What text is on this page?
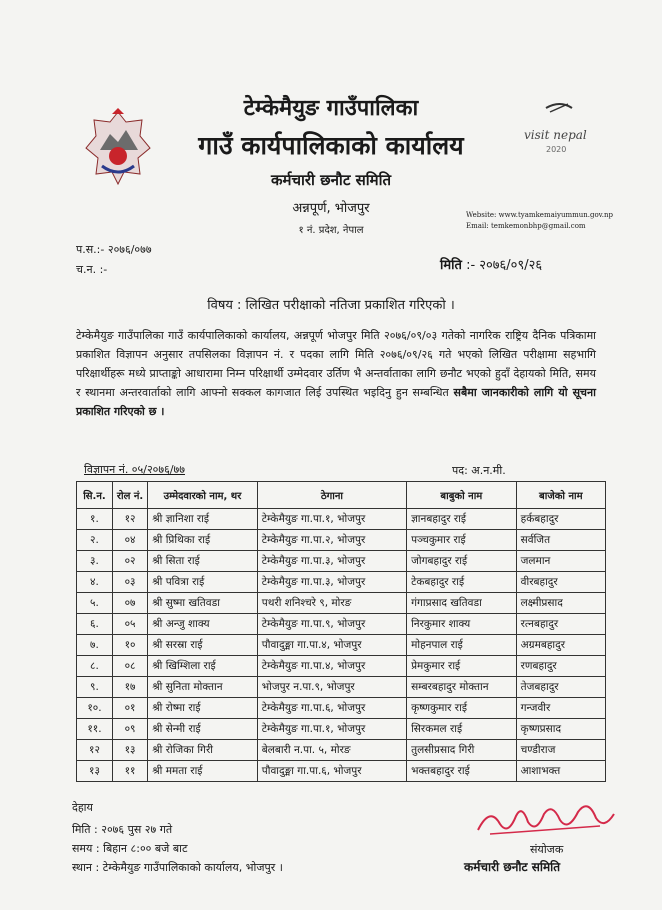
visit nepal
2020
टेम्केमैयुङ गाउँपालिका
गाउँ कार्यपालिकाको कार्यालय
कर्मचारी छनौट समिति
अन्नपूर्ण, भोजपुर
१ नं. प्रदेश, नेपाल
Website: www.tyamkemaiyummun.gov.np
Email: temkemonbhp@gmail.com
प.स.:- २०७६/०७७
च.न. :-	मिति :- २०७६/०९/२६
विषय : लिखित परीक्षाको नतिजा प्रकाशित गरिएको ।
टेम्केमैयुङ गाउँपालिका गाउँ कार्यपालिकाको कार्यालय, अन्नपूर्ण भोजपुर मिति २०७६/०९/०३ गतेको नागरिक राष्ट्रिय दैनिक पत्रिकामा प्रकाशित विज्ञापन अनुसार तपसिलका विज्ञापन नं. र पदका लागि मिति २०७६/०९/२६ गते भएको लिखित परीक्षामा सहभागि परिक्षार्थीहरू मध्ये प्राप्ताङ्को आधारामा निम्न परिक्षार्थी उम्मेदवार उर्तिण भै अन्तर्वाताका लागि छनौट भएको हुदाँ देहायको मिति, समय र स्थानमा अन्तरवार्ताको लागि आफ्नो सक्कल कागजात लिई उपस्थित भइदिनु हुन सम्बन्धित सबैमा जानकारीको लागि यो सूचना प्रकाशित गरिएको छ ।
विज्ञापन नं. ०५/२०७६/७७	पद: अ.न.मी.
सि.न.	रोल नं.	उम्मेदवारको नाम, थर	ठेगाना	बाबुको नाम	बाजेको नाम
१.	१२	श्री ज्ञानिशा राई	टेम्केमैयुङ गा.पा.१, भोजपुर	ज्ञानबहादुर राई	हर्कबहादुर
२.	०४	श्री प्रिथिका राई	टेम्केमैयुङ गा.पा.२, भोजपुर	पञ्चकुमार राई	सर्वजित
३.	०२	श्री सिता राई	टेम्केमैयुङ गा.पा.३, भोजपुर	जोगबहादुर राई	जलमान
४.	०३	श्री पवित्रा राई	टेम्केमैयुङ गा.पा.३, भोजपुर	टेकबहादुर राई	वीरबहादुर
५.	०७	श्री सुष्मा खतिवडा	पथरी शनिश्चरे ९, मोरङ	गंगाप्रसाद खतिवडा	लक्ष्मीप्रसाद
६.	०५	श्री अन्जु शाक्य	टेम्केमैयुङ गा.पा.९, भोजपुर	निरकुमार शाक्य	रत्नबहादुर
७.	१०	श्री सरस्रा राई	पौवादुङ्मा गा.पा.४, भोजपुर	मोहनपाल राई	अग्रमबहादुर
८.	०८	श्री खिम्शिला राई	टेम्केमैयुङ गा.पा.४, भोजपुर	प्रेमकुमार राई	रणबहादुर
९.	१७	श्री सुनिता मोक्तान	भोजपुर न.पा.९, भोजपुर	सम्बरबहादुर मोक्तान	तेजबहादुर
१०.	०१	श्री रोष्मा राई	टेम्केमैयुङ गा.पा.६, भोजपुर	कृष्णकुमार राई	गन्जवीर
११.	०९	श्री सेन्मी राई	टेम्केमैयुङ गा.पा.१, भोजपुर	सिरकमल राई	कृष्णप्रसाद
१२	१३	श्री रोजिका गिरी	बेलबारी न.पा. ५, मोरङ	तुलसीप्रसाद गिरी	चण्डीराज
१३	११	श्री ममता राई	पौवादुङ्मा गा.पा.६, भोजपुर	भक्तबहादुर राई	आशाभक्त
देहाय
मिति : २०७६ पुस २७ गते
समय : बिहान ८:०० बजे बाट
स्थान : टेम्केमैयुङ गाउँपालिकाको कार्यालय, भोजपुर ।
संयोजक
कर्मचारी छनौट समिति
